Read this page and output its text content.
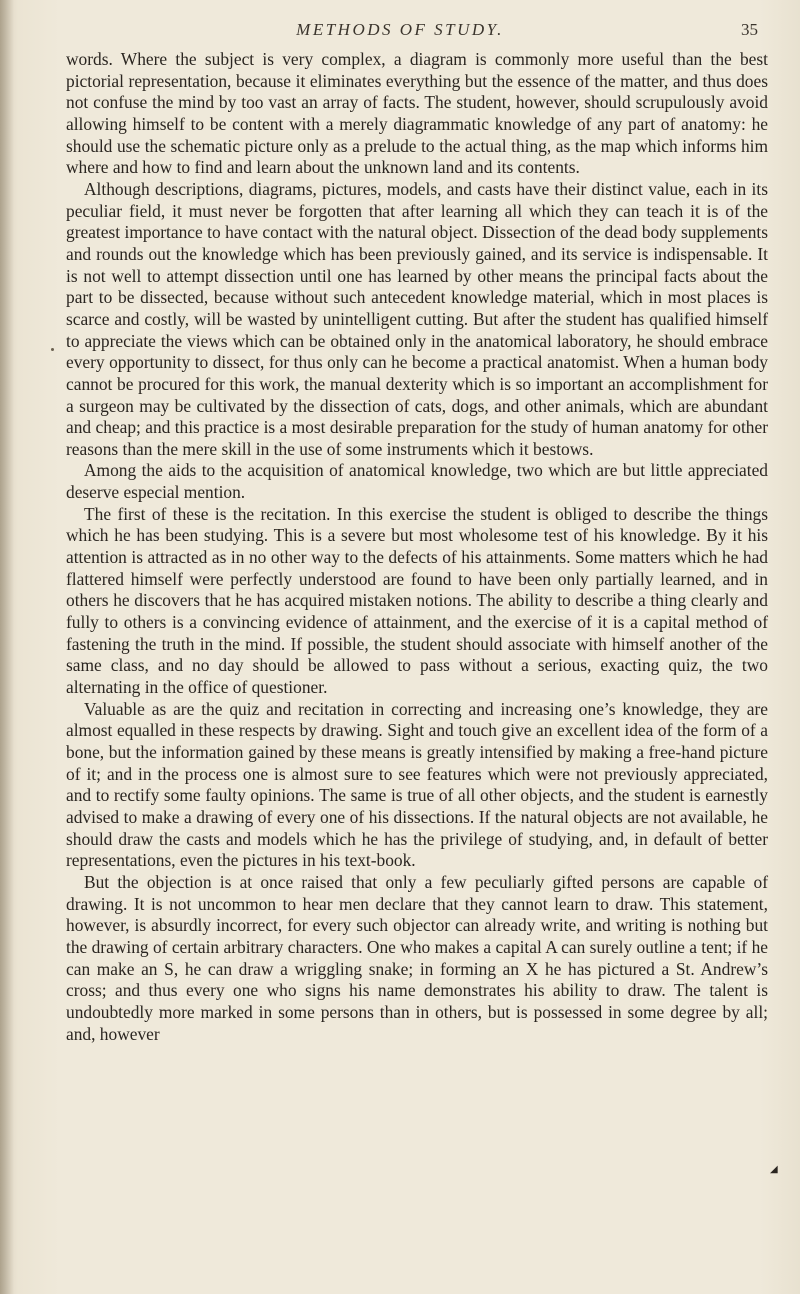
METHODS OF STUDY.	35

words. Where the subject is very complex, a diagram is commonly more useful than the best pictorial representation, because it eliminates everything but the essence of the matter, and thus does not confuse the mind by too vast an array of facts. The student, however, should scrupulously avoid allowing himself to be content with a merely diagrammatic knowledge of any part of anatomy: he should use the schematic picture only as a prelude to the actual thing, as the map which informs him where and how to find and learn about the unknown land and its contents.

Although descriptions, diagrams, pictures, models, and casts have their distinct value, each in its peculiar field, it must never be forgotten that after learning all which they can teach it is of the greatest importance to have contact with the natural object. Dissection of the dead body supplements and rounds out the knowledge which has been previously gained, and its service is indispensable. It is not well to attempt dissection until one has learned by other means the principal facts about the part to be dissected, because without such antecedent knowledge material, which in most places is scarce and costly, will be wasted by unintelligent cutting. But after the student has qualified himself to appreciate the views which can be obtained only in the anatomical laboratory, he should embrace every opportunity to dissect, for thus only can he become a practical anatomist. When a human body cannot be procured for this work, the manual dexterity which is so important an accomplishment for a surgeon may be cultivated by the dissection of cats, dogs, and other animals, which are abundant and cheap; and this practice is a most desirable preparation for the study of human anatomy for other reasons than the mere skill in the use of some instruments which it bestows.

Among the aids to the acquisition of anatomical knowledge, two which are but little appreciated deserve especial mention.

The first of these is the recitation. In this exercise the student is obliged to describe the things which he has been studying. This is a severe but most wholesome test of his knowledge. By it his attention is attracted as in no other way to the defects of his attainments. Some matters which he had flattered himself were perfectly understood are found to have been only partially learned, and in others he discovers that he has acquired mistaken notions. The ability to describe a thing clearly and fully to others is a convincing evidence of attainment, and the exercise of it is a capital method of fastening the truth in the mind. If possible, the student should associate with himself another of the same class, and no day should be allowed to pass without a serious, exacting quiz, the two alternating in the office of questioner.

Valuable as are the quiz and recitation in correcting and increasing one’s knowledge, they are almost equalled in these respects by drawing. Sight and touch give an excellent idea of the form of a bone, but the information gained by these means is greatly intensified by making a free-hand picture of it; and in the process one is almost sure to see features which were not previously appreciated, and to rectify some faulty opinions. The same is true of all other objects, and the student is earnestly advised to make a drawing of every one of his dissections. If the natural objects are not available, he should draw the casts and models which he has the privilege of studying, and, in default of better representations, even the pictures in his text-book.

But the objection is at once raised that only a few peculiarly gifted persons are capable of drawing. It is not uncommon to hear men declare that they cannot learn to draw. This statement, however, is absurdly incorrect, for every such objector can already write, and writing is nothing but the drawing of certain arbitrary characters. One who makes a capital A can surely outline a tent; if he can make an S, he can draw a wriggling snake; in forming an X he has pictured a St. Andrew’s cross; and thus every one who signs his name demonstrates his ability to draw. The talent is undoubtedly more marked in some persons than in others, but is possessed in some degree by all; and, however

◢
